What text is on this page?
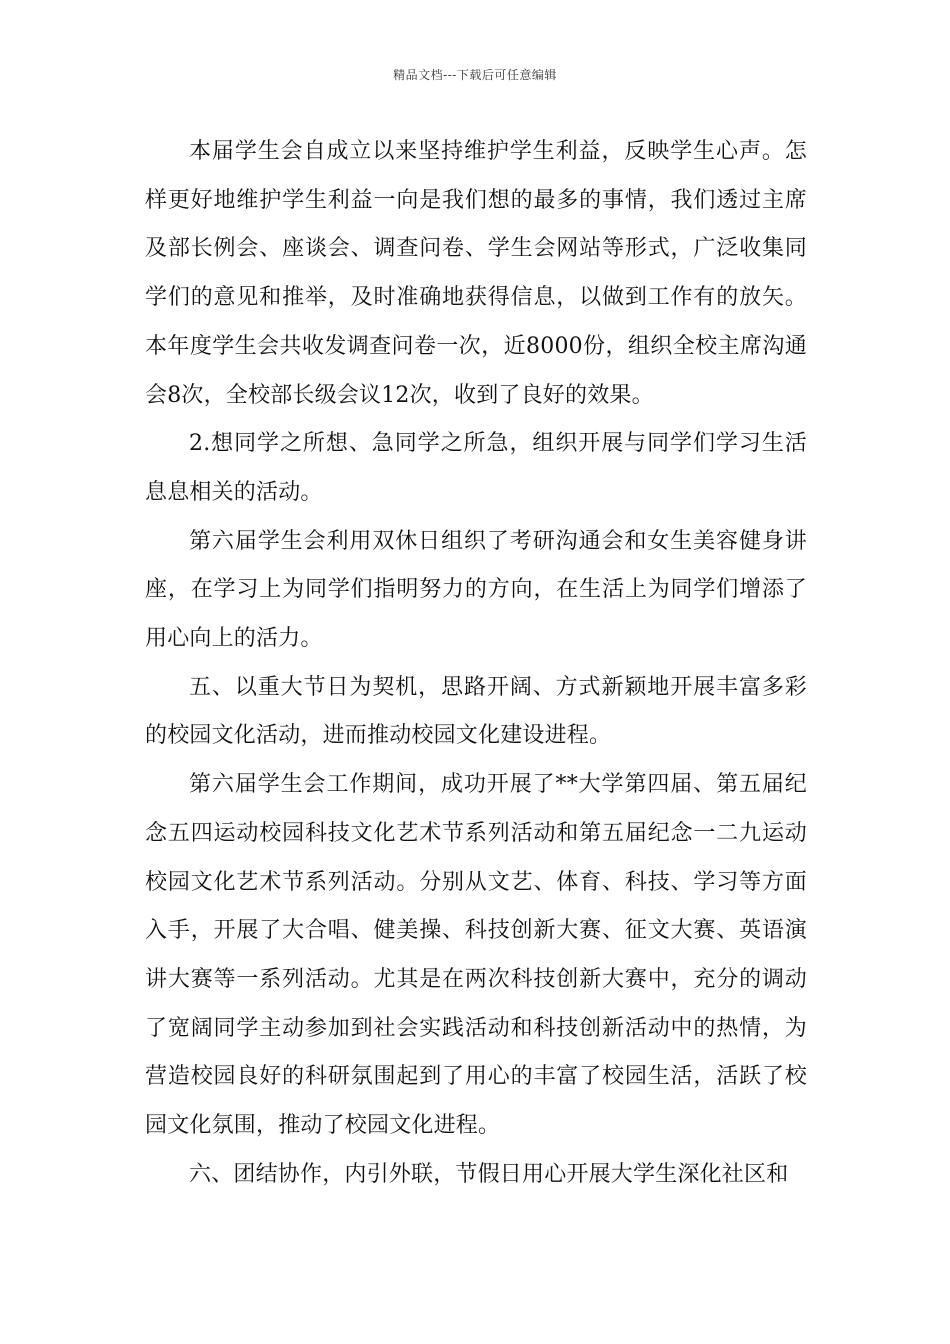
精品文档---下载后可任意编辑

本届学生会自成立以来坚持维护学生利益，反映学生心声。怎样更好地维护学生利益一向是我们想的最多的事情，我们透过主席及部长例会、座谈会、调查问卷、学生会网站等形式，广泛收集同学们的意见和推举，及时准确地获得信息，以做到工作有的放矢。本年度学生会共收发调查问卷一次，近8000份，组织全校主席沟通会8次，全校部长级会议12次，收到了良好的效果。

2.想同学之所想、急同学之所急，组织开展与同学们学习生活息息相关的活动。

第六届学生会利用双休日组织了考研沟通会和女生美容健身讲座，在学习上为同学们指明努力的方向，在生活上为同学们增添了用心向上的活力。

五、以重大节日为契机，思路开阔、方式新颖地开展丰富多彩的校园文化活动，进而推动校园文化建设进程。

第六届学生会工作期间，成功开展了**大学第四届、第五届纪念五四运动校园科技文化艺术节系列活动和第五届纪念一二九运动校园文化艺术节系列活动。分别从文艺、体育、科技、学习等方面入手，开展了大合唱、健美操、科技创新大赛、征文大赛、英语演讲大赛等一系列活动。尤其是在两次科技创新大赛中，充分的调动了宽阔同学主动参加到社会实践活动和科技创新活动中的热情，为营造校园良好的科研氛围起到了用心的丰富了校园生活，活跃了校园文化氛围，推动了校园文化进程。

六、团结协作，内引外联，节假日用心开展大学生深化社区和
